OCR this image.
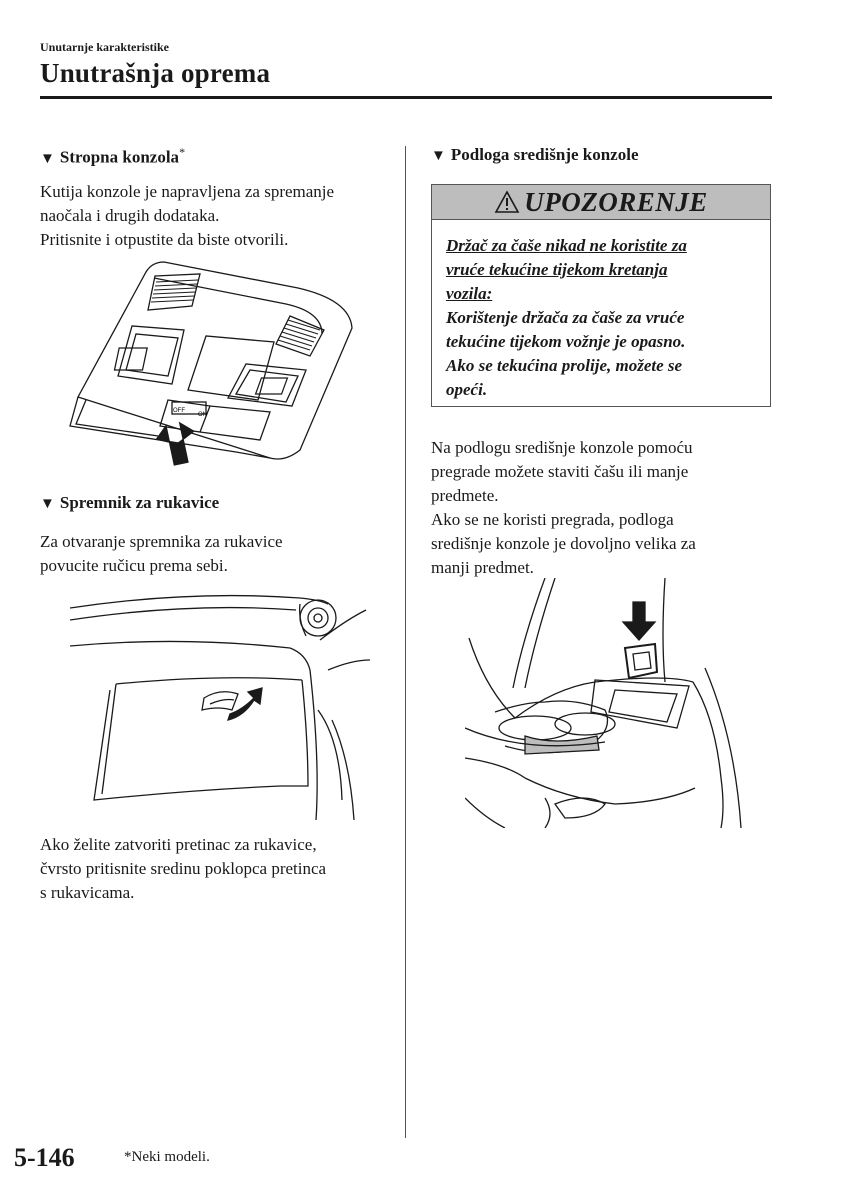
Unutarnje karakteristike
Unutrašnja oprema
▼ Stropna konzola*

Kutija konzole je napravljena za spremanje

naočala i drugih dodataka.

Pritisnite i otpustite da biste otvorili.

OFF
ON
▼ Spremnik za rukavice

Za otvaranje spremnika za rukavice

povucite ručicu prema sebi.

Ako želite zatvoriti pretinac za rukavice,

čvrsto pritisnite sredinu poklopca pretinca

s rukavicama.

▼ Podloga središnje konzole
UPOZORENJE

Držač za čaše nikad ne koristite za

vruće tekućine tijekom kretanja

vozila:

Korištenje držača za čaše za vruće

tekućine tijekom vožnje je opasno.

Ako se tekućina prolije, možete se

opeći.

Na podlogu središnje konzole pomoću

pregrade možete staviti čašu ili manje

predmete.

Ako se ne koristi pregrada, podloga

središnje konzole je dovoljno velika za

manji predmet.

5-146	*Neki modeli.
